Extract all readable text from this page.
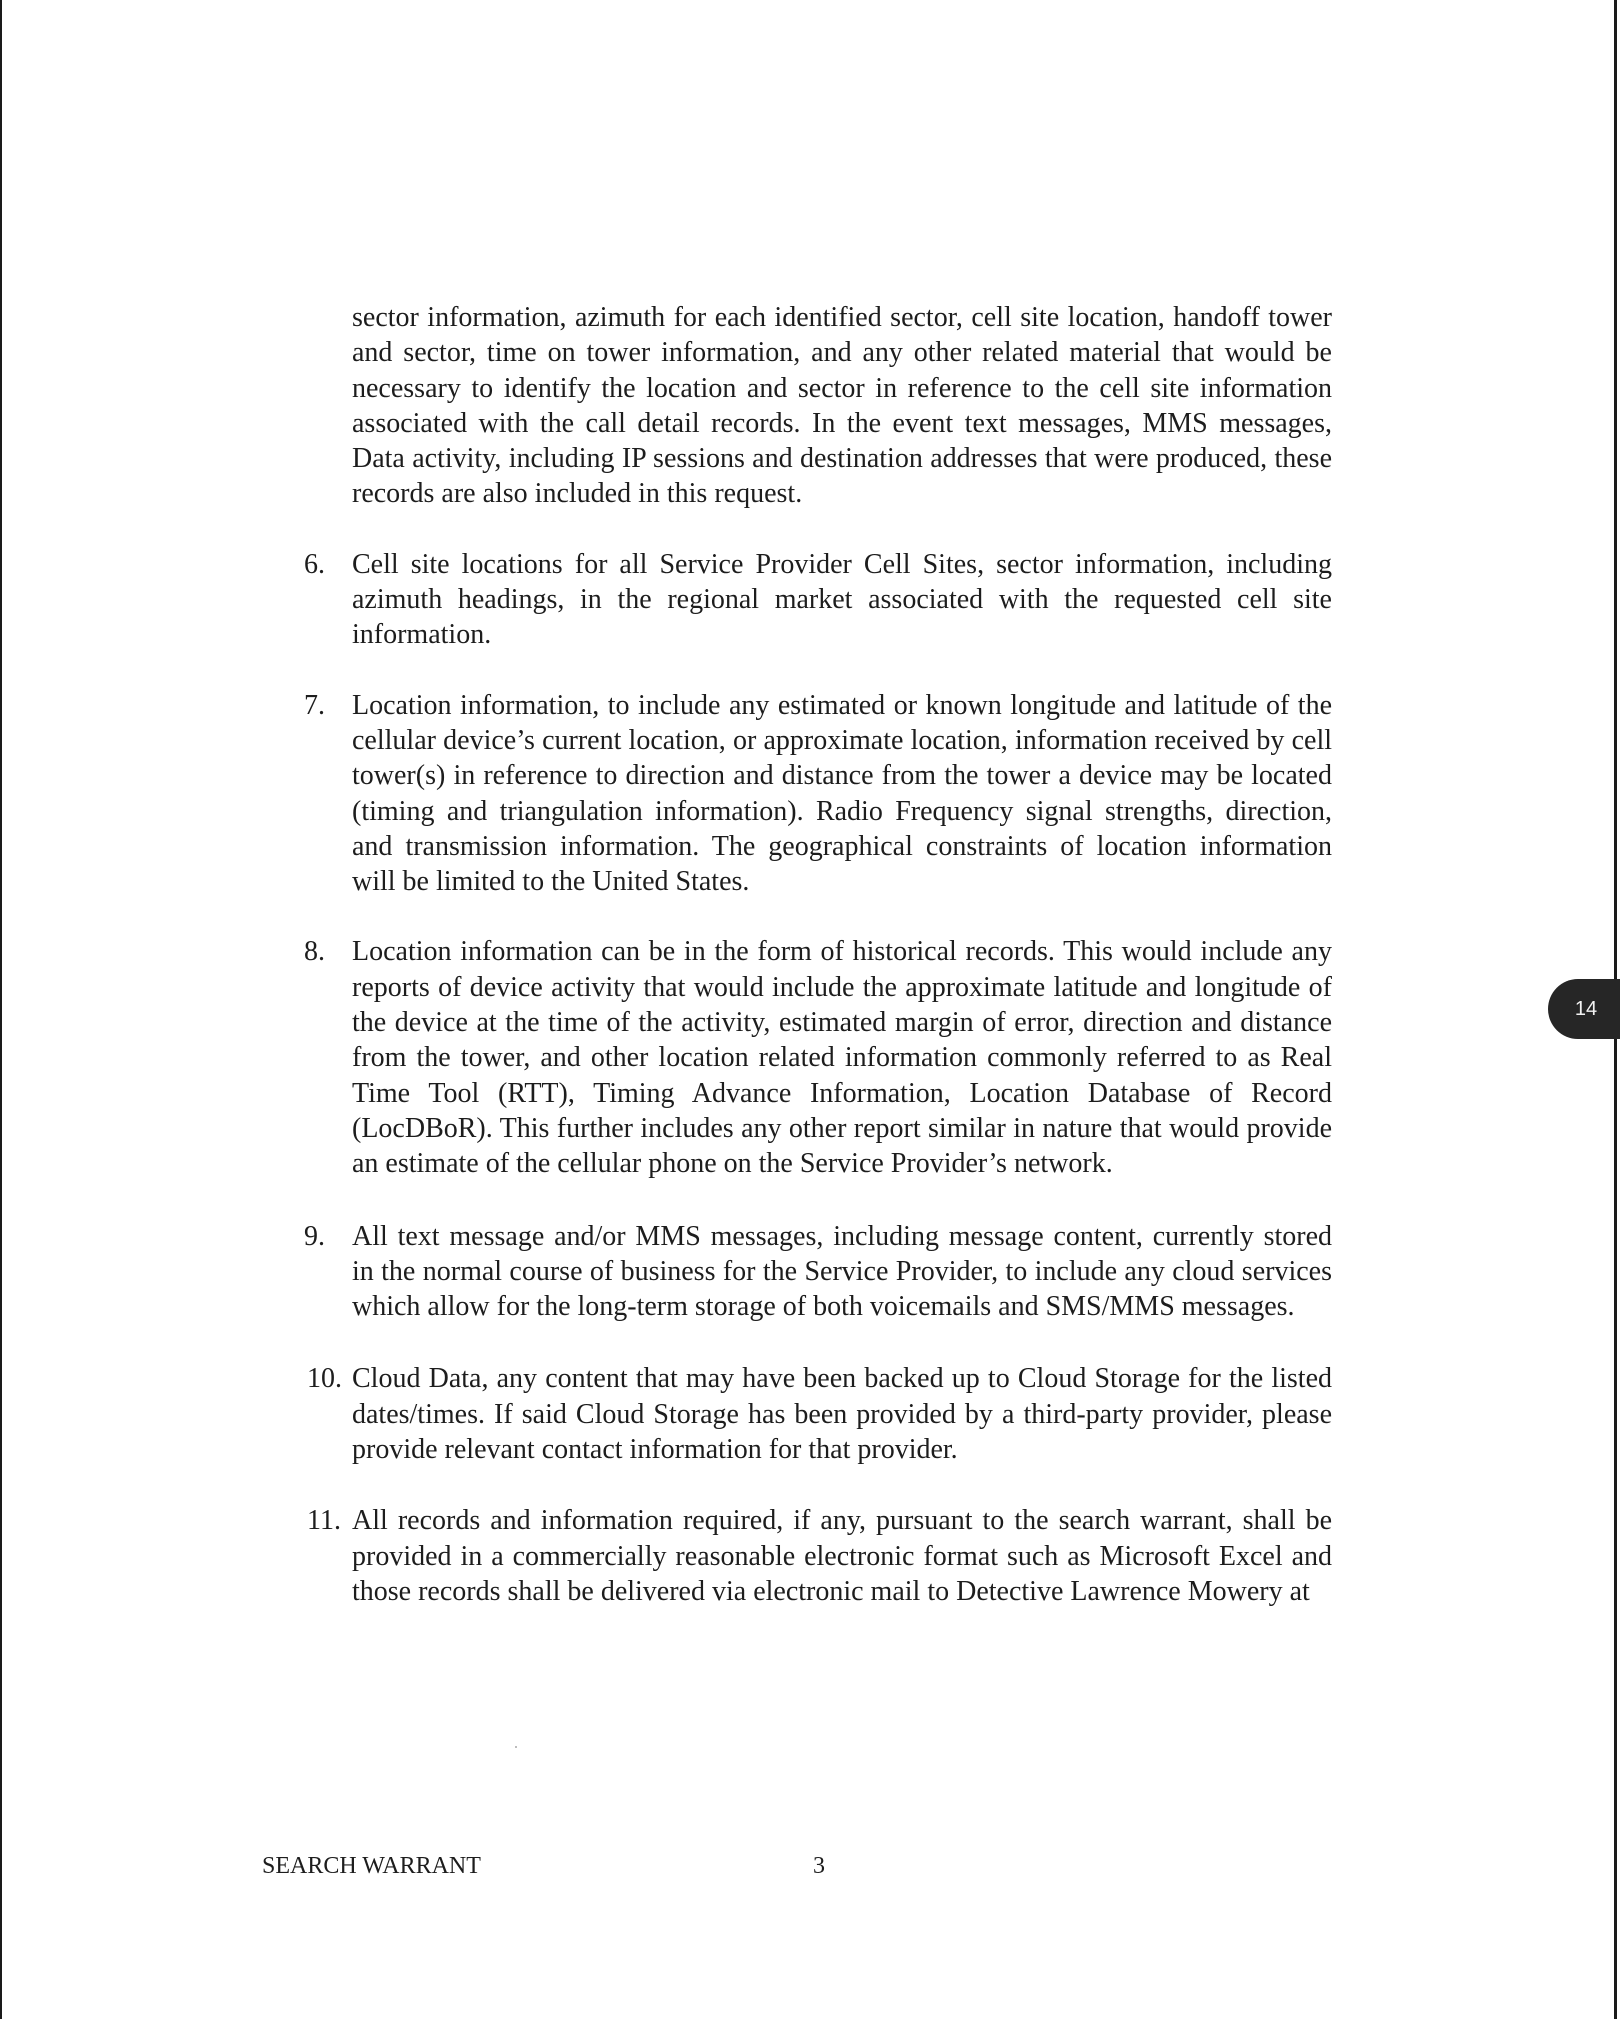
sector information, azimuth for each identified sector, cell site location, handoff tower and sector, time on tower information, and any other related material that would be necessary to identify the location and sector in reference to the cell site information associated with the call detail records. In the event text messages, MMS messages, Data activity, including IP sessions and destination addresses that were produced, these records are also included in this request.

6. Cell site locations for all Service Provider Cell Sites, sector information, including azimuth headings, in the regional market associated with the requested cell site information.

7. Location information, to include any estimated or known longitude and latitude of the cellular device’s current location, or approximate location, information received by cell tower(s) in reference to direction and distance from the tower a device may be located (timing and triangulation information). Radio Frequency signal strengths, direction, and transmission information. The geographical constraints of location information will be limited to the United States.

8. Location information can be in the form of historical records. This would include any reports of device activity that would include the approximate latitude and longitude of the device at the time of the activity, estimated margin of error, direction and distance from the tower, and other location related information commonly referred to as Real Time Tool (RTT), Timing Advance Information, Location Database of Record (LocDBoR). This further includes any other report similar in nature that would provide an estimate of the cellular phone on the Service Provider’s network.

9. All text message and/or MMS messages, including message content, currently stored in the normal course of business for the Service Provider, to include any cloud services which allow for the long-term storage of both voicemails and SMS/MMS messages.

10. Cloud Data, any content that may have been backed up to Cloud Storage for the listed dates/times. If said Cloud Storage has been provided by a third-party provider, please provide relevant contact information for that provider.

11. All records and information required, if any, pursuant to the search warrant, shall be provided in a commercially reasonable electronic format such as Microsoft Excel and those records shall be delivered via electronic mail to Detective Lawrence Mowery at

SEARCH WARRANT	3
14
